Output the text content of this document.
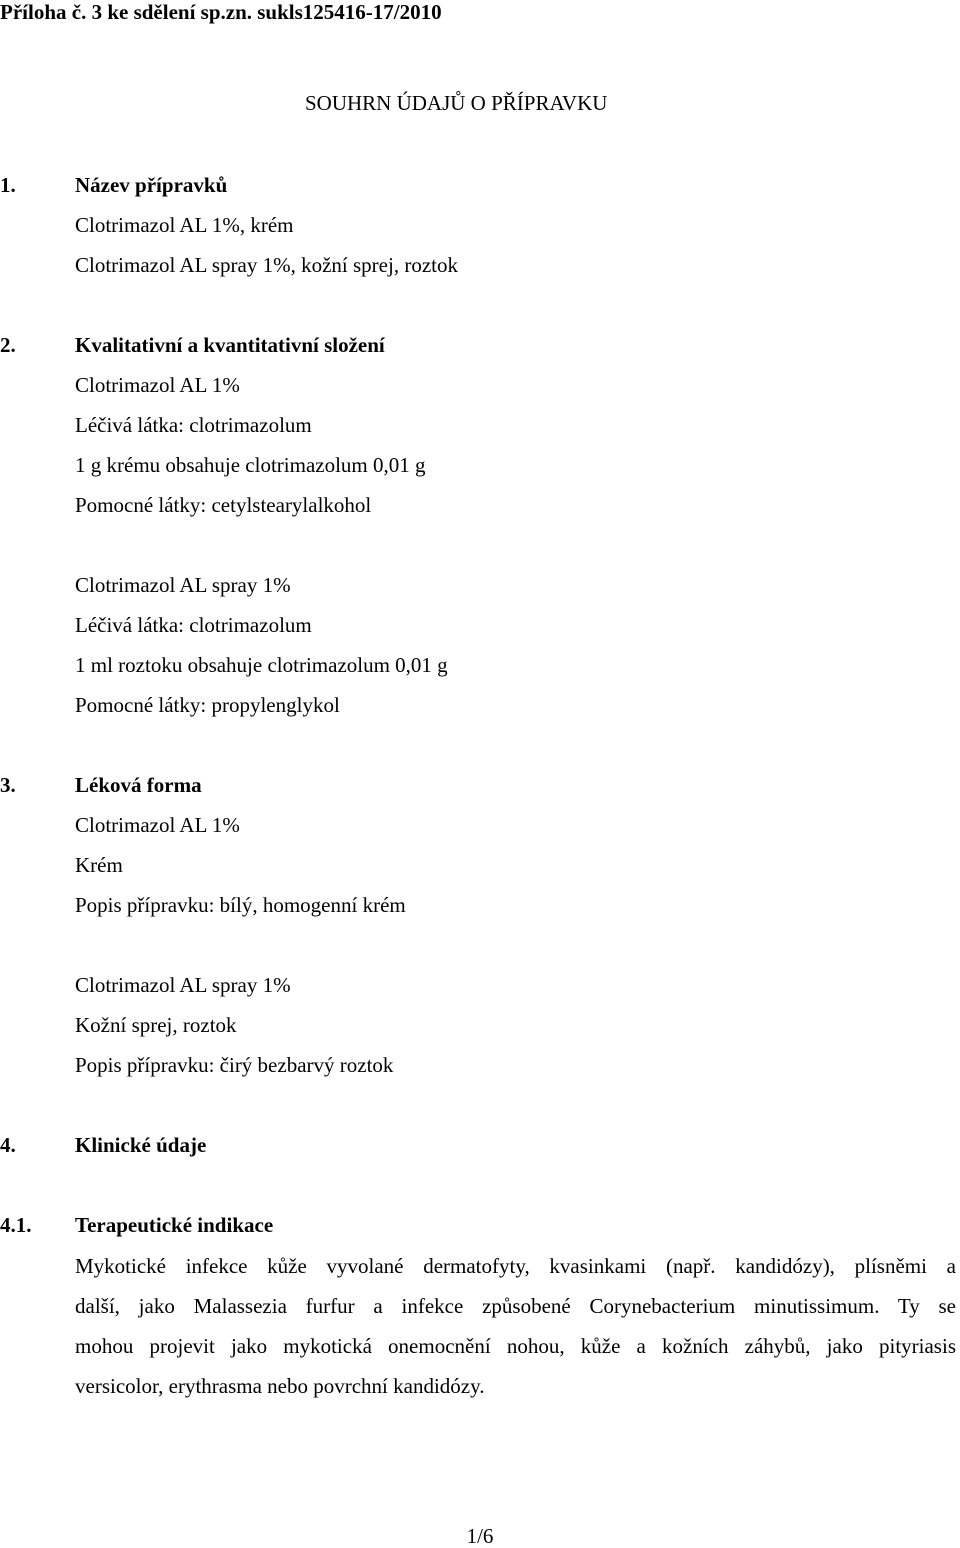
Příloha č. 3 ke sdělení sp.zn. sukls125416-17/2010
SOUHRN ÚDAJŮ O PŘÍPRAVKU
1.	Název přípravků
Clotrimazol AL 1%, krém
Clotrimazol AL spray 1%, kožní sprej, roztok
2.	Kvalitativní a kvantitativní složení
Clotrimazol AL 1%
Léčivá látka: clotrimazolum
1 g krému obsahuje clotrimazolum 0,01 g
Pomocné látky: cetylstearylalkohol
Clotrimazol AL spray 1%
Léčivá látka: clotrimazolum
1 ml roztoku obsahuje clotrimazolum 0,01 g
Pomocné látky: propylenglykol
3.	Léková forma
Clotrimazol AL 1%
Krém
Popis přípravku: bílý, homogenní krém
Clotrimazol AL spray 1%
Kožní sprej, roztok
Popis přípravku: čirý bezbarvý roztok
4.	Klinické údaje
4.1. Terapeutické indikace
Mykotické infekce kůže vyvolané dermatofyty, kvasinkami (např. kandidózy), plísněmi a
další, jako Malassezia furfur a infekce způsobené Corynebacterium minutissimum. Ty se
mohou projevit jako mykotická onemocnění nohou, kůže a kožních záhybů, jako pityriasis
versicolor, erythrasma nebo povrchní kandidózy.
1/6
